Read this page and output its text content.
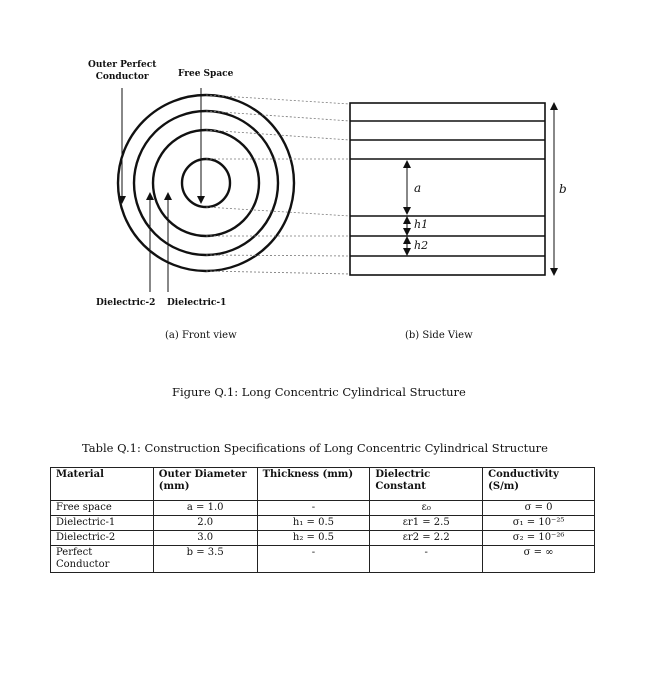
Outer Perfect
Conductor	Free Space
Dielectric-2 Dielectric-1
a	b
h1
h2
(a) Front view	(b) Side View
Figure Q.1: Long Concentric Cylindrical Structure
Table Q.1: Construction Specifications of Long Concentric Cylindrical Structure
Material	Outer Diameter (mm)	Thickness (mm)	Dielectric Constant	Conductivity (S/m)
Free space	a = 1.0	-	ε₀	σ = 0
Dielectric-1	2.0	h₁ = 0.5	εr1 = 2.5	σ₁ = 10⁻²⁵
Dielectric-2	3.0	h₂ = 0.5	εr2 = 2.2	σ₂ = 10⁻²⁶
Perfect Conductor	b = 3.5	-	-	σ = ∞
